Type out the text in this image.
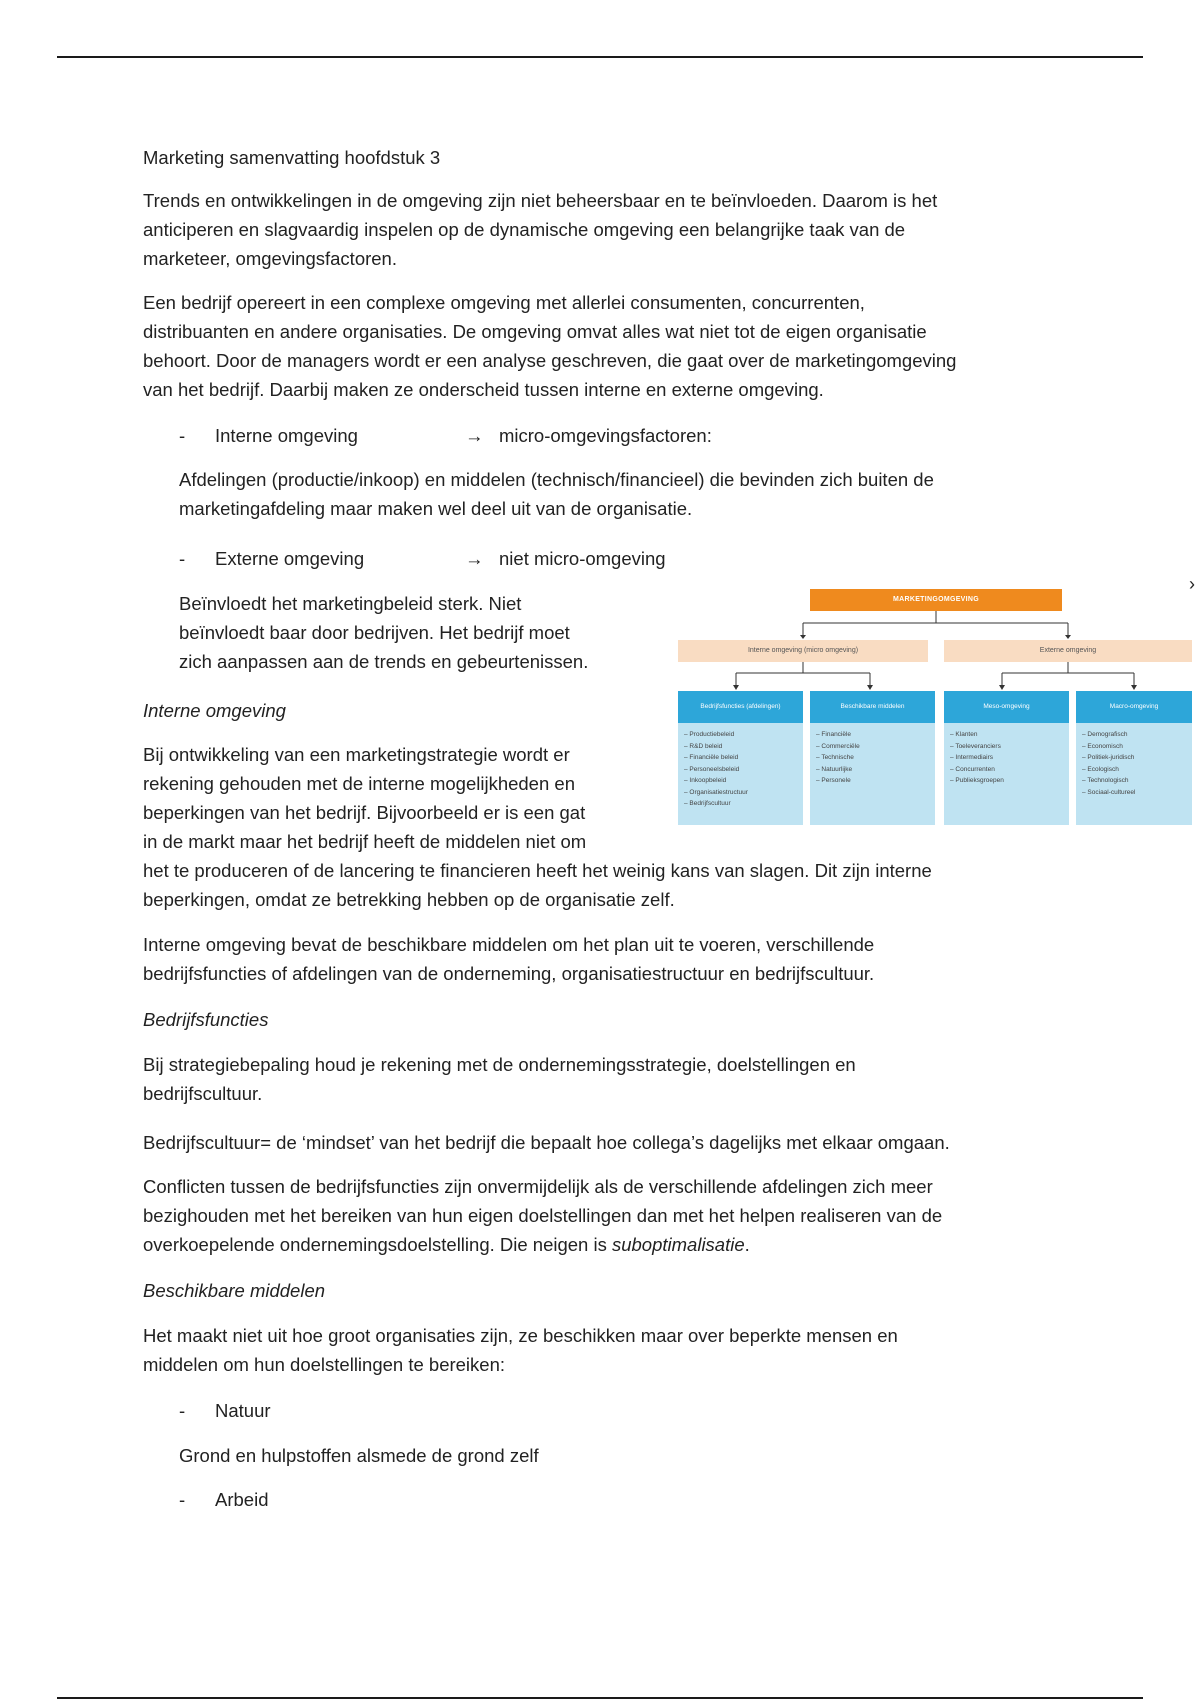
Marketing samenvatting hoofdstuk 3

Trends en ontwikkelingen in de omgeving zijn niet beheersbaar en te beïnvloeden. Daarom is het
anticiperen en slagvaardig inspelen op de dynamische omgeving een belangrijke taak van de
marketeer, omgevingsfactoren.

Een bedrijf opereert in een complexe omgeving met allerlei consumenten, concurrenten,
distribuanten en andere organisaties. De omgeving omvat alles wat niet tot de eigen organisatie
behoort. Door de managers wordt er een analyse geschreven, die gaat over de marketingomgeving
van het bedrijf. Daarbij maken ze onderscheid tussen interne en externe omgeving.

- Interne omgeving	→ micro-omgevingsfactoren:

Afdelingen (productie/inkoop) en middelen (technisch/financieel) die bevinden zich buiten de
marketingafdeling maar maken wel deel uit van de organisatie.

- Externe omgeving	→ niet micro-omgeving

Beïnvloedt het marketingbeleid sterk. Niet
beïnvloedt baar door bedrijven. Het bedrijf moet
zich aanpassen aan de trends en gebeurtenissen.

Interne omgeving

Bij ontwikkeling van een marketingstrategie wordt er
rekening gehouden met de interne mogelijkheden en
beperkingen van het bedrijf. Bijvoorbeeld er is een gat
in de markt maar het bedrijf heeft de middelen niet om
het te produceren of de lancering te financieren heeft het weinig kans van slagen. Dit zijn interne
beperkingen, omdat ze betrekking hebben op de organisatie zelf.

Interne omgeving bevat de beschikbare middelen om het plan uit te voeren, verschillende
bedrijfsfuncties of afdelingen van de onderneming, organisatiestructuur en bedrijfscultuur.

Bedrijfsfuncties

Bij strategiebepaling houd je rekening met de ondernemingsstrategie, doelstellingen en
bedrijfscultuur.

Bedrijfscultuur= de ‘mindset’ van het bedrijf die bepaalt hoe collega’s dagelijks met elkaar omgaan.

Conflicten tussen de bedrijfsfuncties zijn onvermijdelijk als de verschillende afdelingen zich meer
bezighouden met het bereiken van hun eigen doelstellingen dan met het helpen realiseren van de
overkoepelende ondernemingsdoelstelling. Die neigen is suboptimalisatie.

Beschikbare middelen

Het maakt niet uit hoe groot organisaties zijn, ze beschikken maar over beperkte mensen en
middelen om hun doelstellingen te bereiken:

- Natuur

Grond en hulpstoffen alsmede de grond zelf

- Arbeid
›
MARKETINGOMGEVING
Interne omgeving (micro omgeving)	Externe omgeving
Bedrijfsfuncties (afdelingen)
– Productiebeleid
– R&D beleid
– Financiële beleid
– Personeelsbeleid
– Inkoopbeleid
– Organisatiestructuur
– Bedrijfscultuur
Beschikbare middelen
– Financiële
– Commerciële
– Technische
– Natuurlijke
– Personele
Meso-omgeving
– Klanten
– Toeleveranciers
– Intermediairs
– Concurrenten
– Publieksgroepen
Macro-omgeving
– Demografisch
– Economisch
– Politiek-juridisch
– Ecologisch
– Technologisch
– Sociaal-cultureel
